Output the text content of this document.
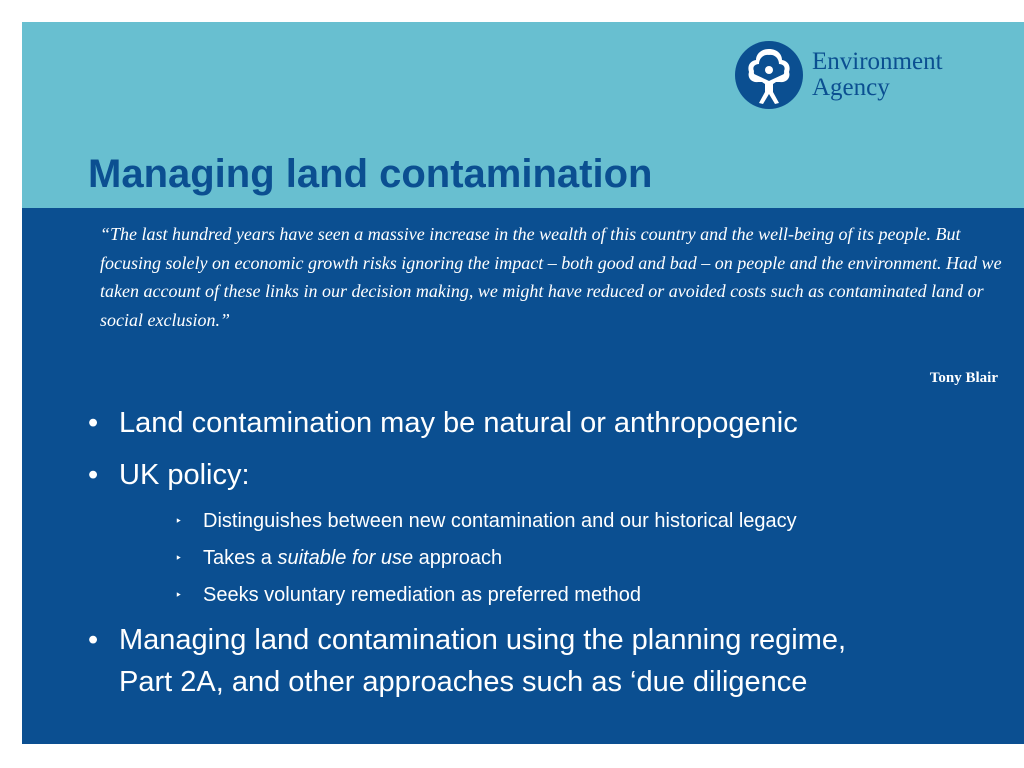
Environment
Agency
Managing land contamination

“The last hundred years have seen a massive increase in the wealth of this country and the well-being of its people. But focusing solely on economic growth risks ignoring the impact – both good and bad – on people and the environment. Had we taken account of these links in our decision making, we might have reduced or avoided costs such as contaminated land or social exclusion.”

Tony Blair
• Land contamination may be natural or anthropogenic
• UK policy:
‣ Distinguishes between new contamination and our historical legacy
‣ Takes a suitable for use approach
‣ Seeks voluntary remediation as preferred method
• Managing land contamination using the planning regime, Part 2A, and other approaches such as ‘due diligence
